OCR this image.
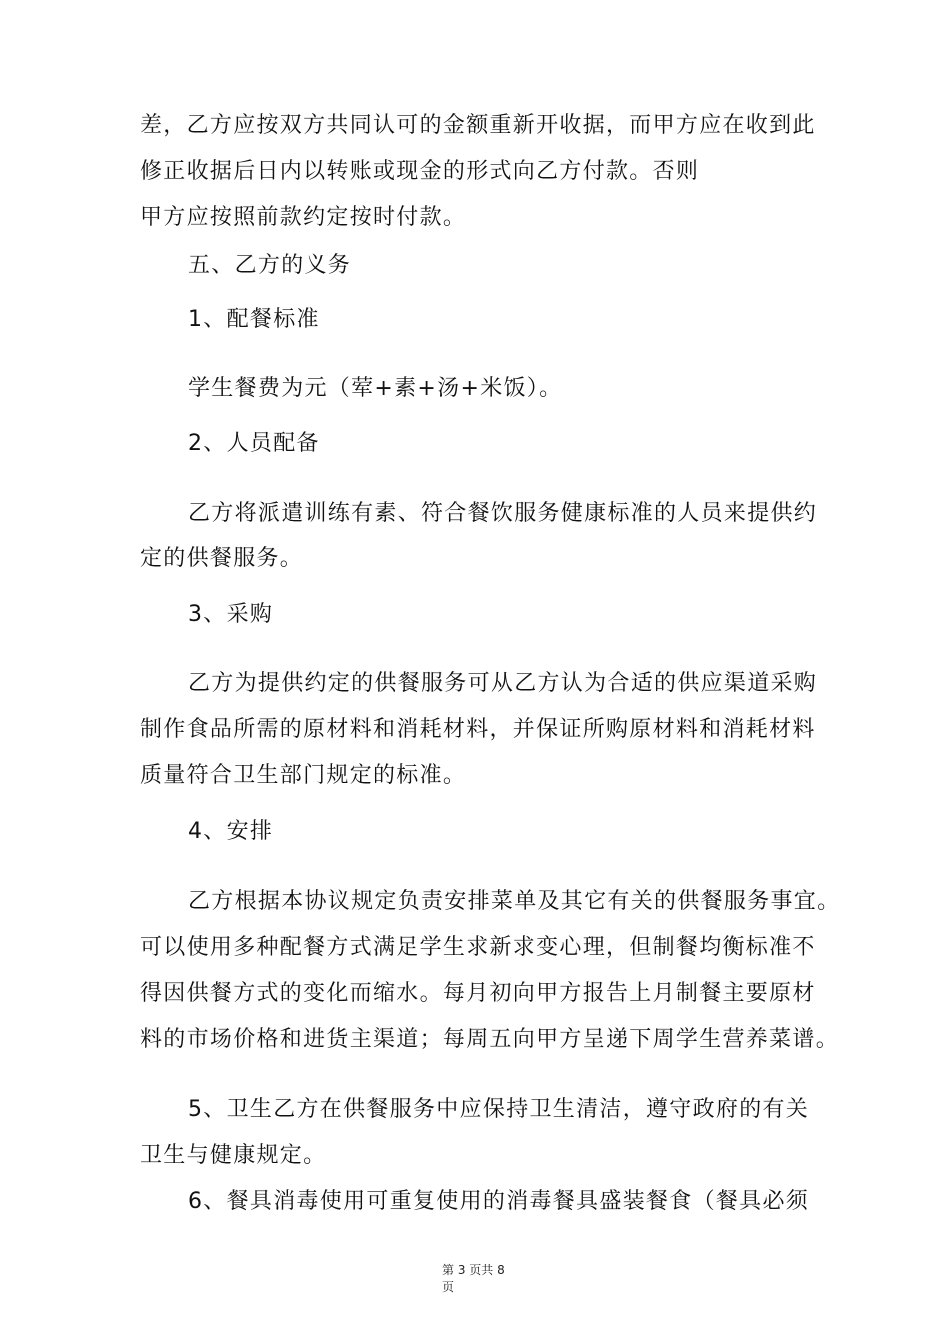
差，乙方应按双方共同认可的金额重新开收据，而甲方应在收到此
修正收据后日内以转账或现金的形式向乙方付款。否则
甲方应按照前款约定按时付款。
五、乙方的义务
1、配餐标准
学生餐费为元（荤+素+汤+米饭）。
2、人员配备
乙方将派遣训练有素、符合餐饮服务健康标准的人员来提供约
定的供餐服务。
3、采购
乙方为提供约定的供餐服务可从乙方认为合适的供应渠道采购
制作食品所需的原材料和消耗材料，并保证所购原材料和消耗材料
质量符合卫生部门规定的标准。
4、安排
乙方根据本协议规定负责安排菜单及其它有关的供餐服务事宜。
可以使用多种配餐方式满足学生求新求变心理，但制餐均衡标准不
得因供餐方式的变化而缩水。每月初向甲方报告上月制餐主要原材
料的市场价格和进货主渠道；每周五向甲方呈递下周学生营养菜谱。
5、卫生乙方在供餐服务中应保持卫生清洁，遵守政府的有关
卫生与健康规定。
6、餐具消毒使用可重复使用的消毒餐具盛装餐食（餐具必须
第 3 页共 8
页
